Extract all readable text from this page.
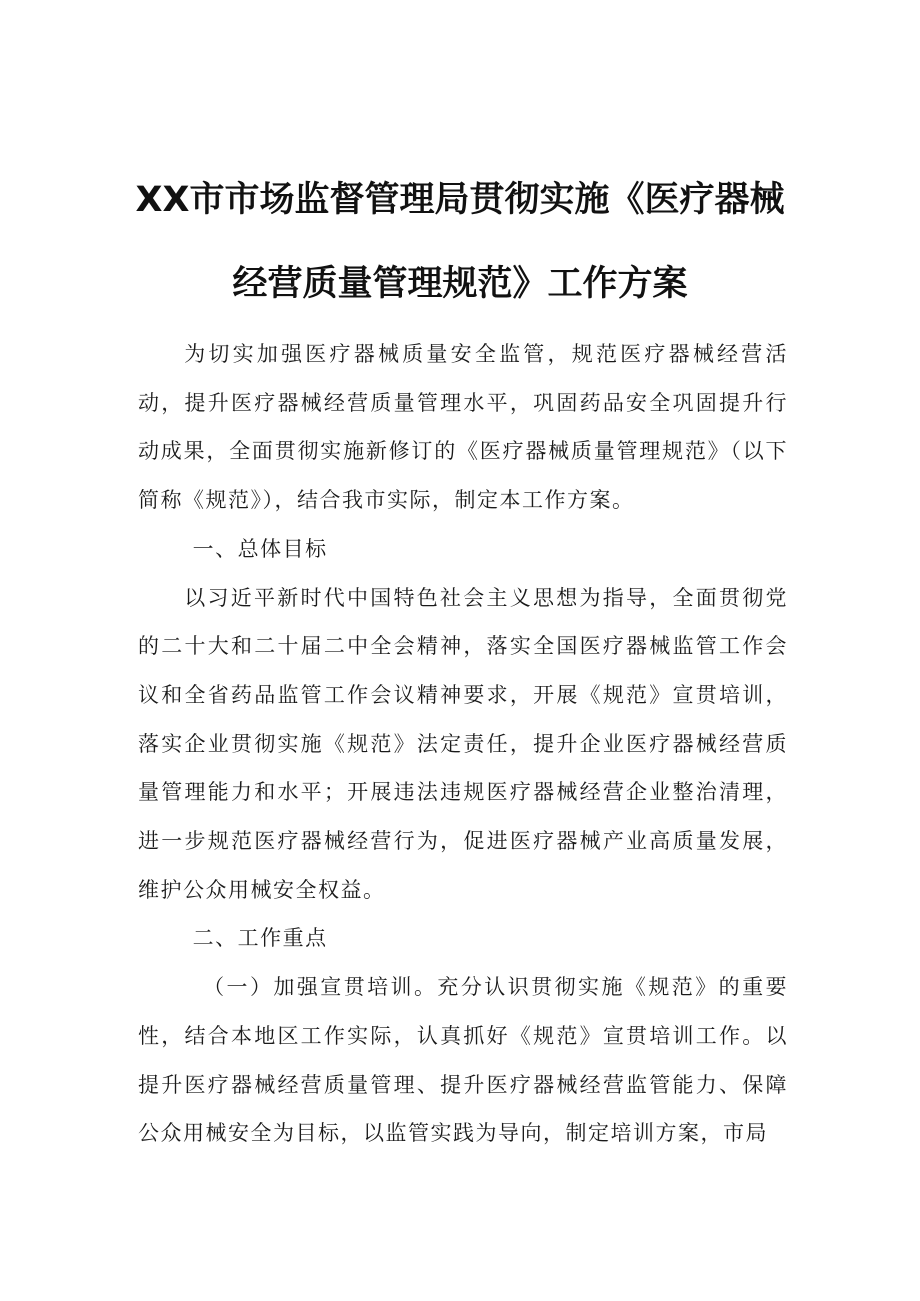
XX市市场监督管理局贯彻实施《医疗器械
经营质量管理规范》工作方案

为切实加强医疗器械质量安全监管，规范医疗器械经营活动，提升医疗器械经营质量管理水平，巩固药品安全巩固提升行动成果，全面贯彻实施新修订的《医疗器械质量管理规范》（以下简称《规范》），结合我市实际，制定本工作方案。

一、总体目标

以习近平新时代中国特色社会主义思想为指导，全面贯彻党的二十大和二十届二中全会精神，落实全国医疗器械监管工作会议和全省药品监管工作会议精神要求，开展《规范》宣贯培训，落实企业贯彻实施《规范》法定责任，提升企业医疗器械经营质量管理能力和水平；开展违法违规医疗器械经营企业整治清理，进一步规范医疗器械经营行为，促进医疗器械产业高质量发展，维护公众用械安全权益。

二、工作重点

（一）加强宣贯培训。充分认识贯彻实施《规范》的重要性，结合本地区工作实际，认真抓好《规范》宣贯培训工作。以提升医疗器械经营质量管理、提升医疗器械经营监管能力、保障公众用械安全为目标，以监管实践为导向，制定培训方案，市局
